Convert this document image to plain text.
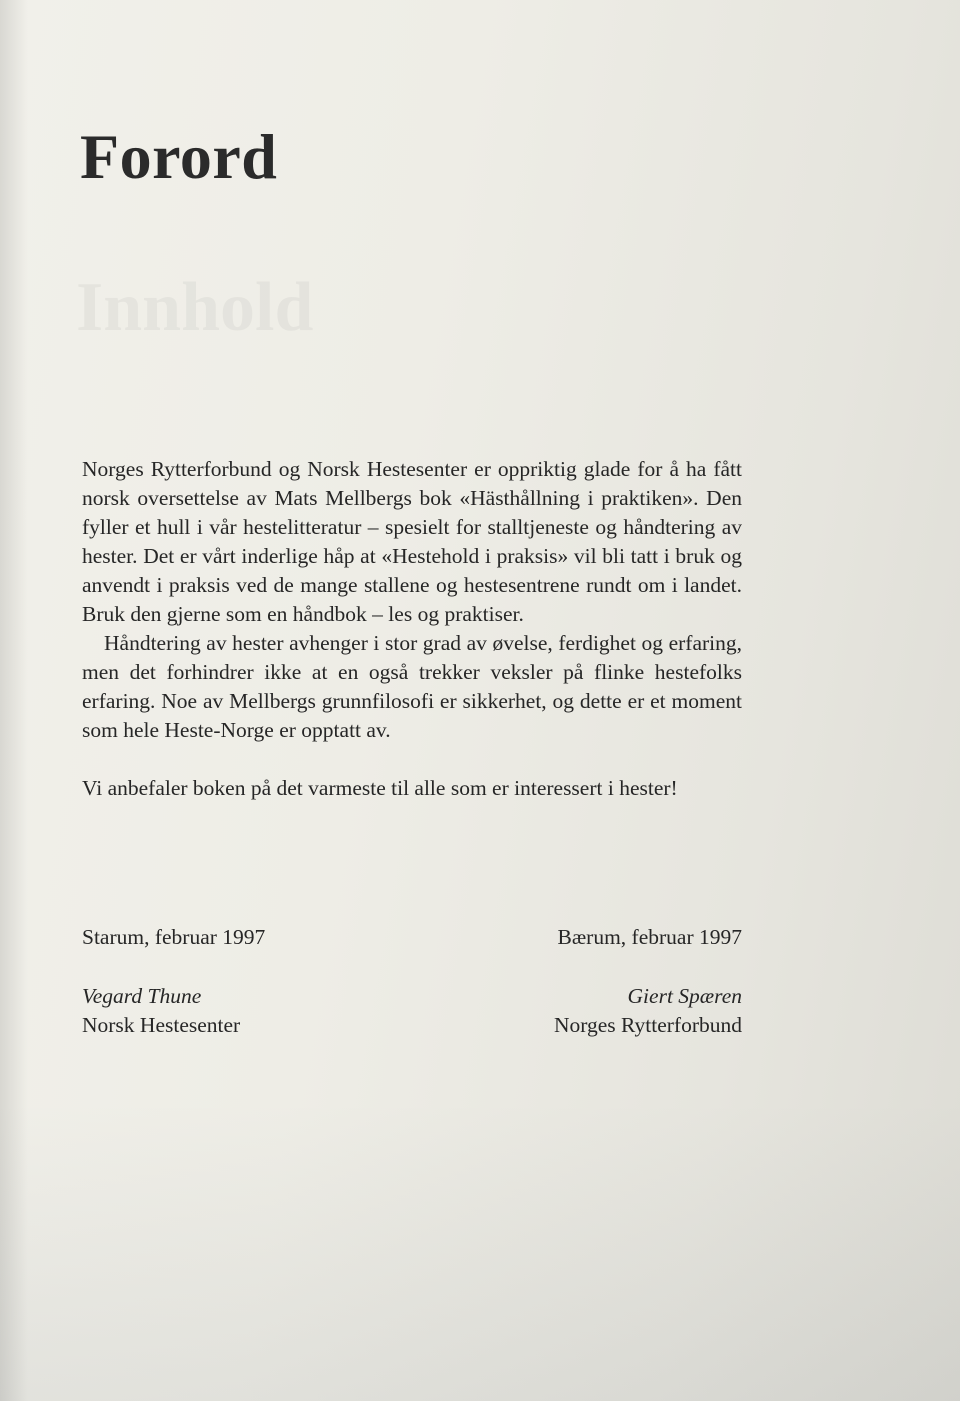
Forord

Norges Rytterforbund og Norsk Hestesenter er oppriktig glade for å ha fått norsk oversettelse av Mats Mellbergs bok «Hästhållning i praktiken». Den fyller et hull i vår hestelitteratur – spesielt for stalltjeneste og håndtering av hester. Det er vårt inderlige håp at «Hestehold i praksis» vil bli tatt i bruk og anvendt i praksis ved de mange stallene og hestesentrene rundt om i landet. Bruk den gjerne som en håndbok – les og praktiser.

Håndtering av hester avhenger i stor grad av øvelse, ferdighet og erfaring, men det forhindrer ikke at en også trekker veksler på flinke hestefolks erfaring. Noe av Mellbergs grunnfilosofi er sikkerhet, og dette er et moment som hele Heste-Norge er opptatt av.

Vi anbefaler boken på det varmeste til alle som er interessert i hester!

Starum, februar 1997	Bærum, februar 1997
Vegard Thune
Norsk Hestesenter
Giert Spæren
Norges Rytterforbund
